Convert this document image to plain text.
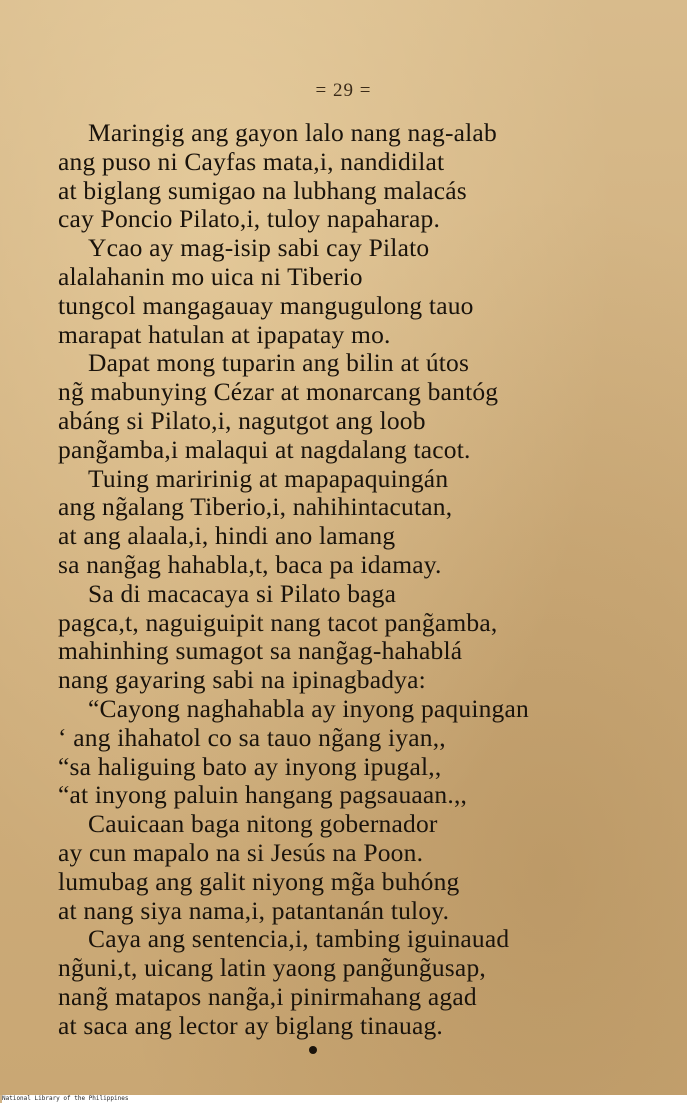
= 29 =
Maringig ang gayon lalo nang nag-alab
ang puso ni Cayfas mata,i, nandidilat
at biglang sumigao na lubhang malacás
cay Poncio Pilato,i, tuloy napaharap.
Ycao ay mag-isip sabi cay Pilato
alalahanin mo uica ni Tiberio
tungcol mangagauay mangugulong tauo
marapat hatulan at ipapatay mo.
Dapat mong tuparin ang bilin at útos
ng̃ mabunying Cézar at monarcang bantóg
abáng si Pilato,i, nagutgot ang loob
pang̃amba,i malaqui at nagdalang tacot.
Tuing maririnig at mapapaquingán
ang ng̃alang Tiberio,i, nahihintacutan,
at ang alaala,i, hindi ano lamang
sa nang̃ag hahabla,t, baca pa idamay.
Sa di macacaya si Pilato baga
pagca,t, naguiguipit nang tacot pang̃amba,
mahinhing sumagot sa nang̃ag-hahablá
nang gayaring sabi na ipinagbadya:
“Cayong naghahabla ay inyong paquingan
‘ ang ihahatol co sa tauo ng̃ang iyan,,
“sa haliguing bato ay inyong ipugal,,
“at inyong paluin hangang pagsauaan.,,
Cauicaan baga nitong gobernador
ay cun mapalo na si Jesús na Poon.
lumubag ang galit niyong mg̃a buhóng
at nang siya nama,i, patantanán tuloy.
Caya ang sentencia,i, tambing iguinauad
ng̃uni,t, uicang latin yaong pang̃ung̃usap,
nang̃ matapos nang̃a,i pinirmahang agad
at saca ang lector ay biglang tinauag.
National Library of the Philippines
